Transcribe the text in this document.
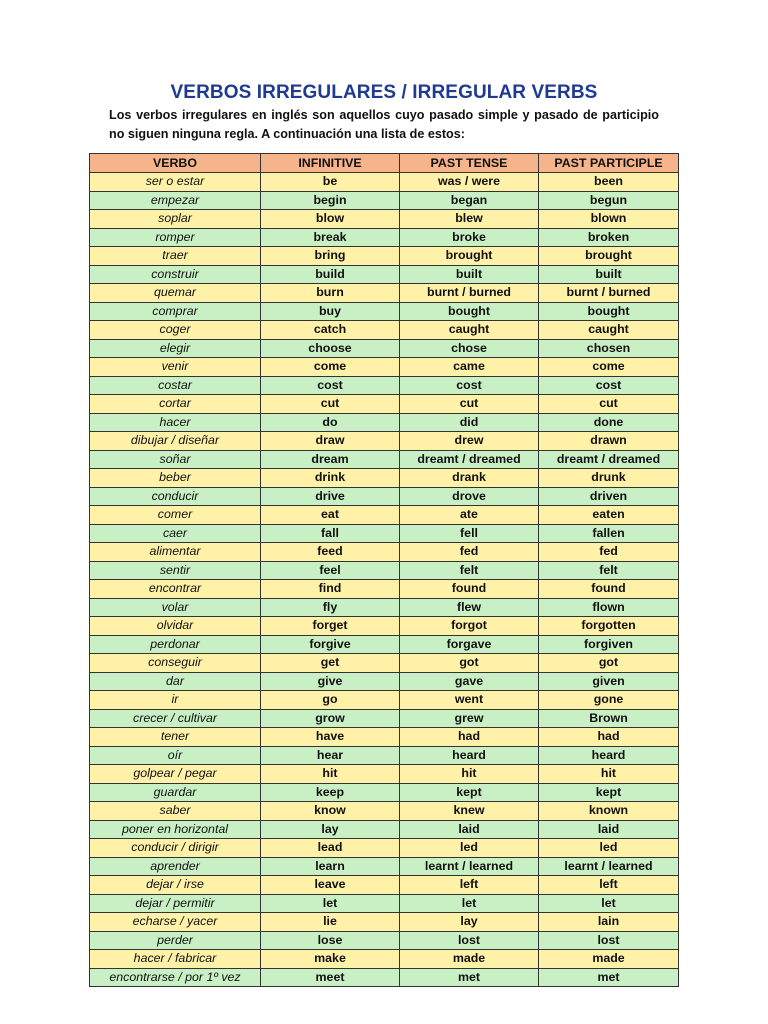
VERBOS IRREGULARES / IRREGULAR VERBS
Los verbos irregulares en inglés son aquellos cuyo pasado simple y pasado de participio no siguen ninguna regla. A continuación una lista de estos:
VERBO	INFINITIVE	PAST TENSE	PAST PARTICIPLE
ser o estar	be	was / were	been
empezar	begin	began	begun
soplar	blow	blew	blown
romper	break	broke	broken
traer	bring	brought	brought
construir	build	built	built
quemar	burn	burnt / burned	burnt / burned
comprar	buy	bought	bought
coger	catch	caught	caught
elegir	choose	chose	chosen
venir	come	came	come
costar	cost	cost	cost
cortar	cut	cut	cut
hacer	do	did	done
dibujar / diseñar	draw	drew	drawn
soñar	dream	dreamt / dreamed	dreamt / dreamed
beber	drink	drank	drunk
conducir	drive	drove	driven
comer	eat	ate	eaten
caer	fall	fell	fallen
alimentar	feed	fed	fed
sentir	feel	felt	felt
encontrar	find	found	found
volar	fly	flew	flown
olvidar	forget	forgot	forgotten
perdonar	forgive	forgave	forgiven
conseguir	get	got	got
dar	give	gave	given
ir	go	went	gone
crecer / cultivar	grow	grew	Brown
tener	have	had	had
oír	hear	heard	heard
golpear / pegar	hit	hit	hit
guardar	keep	kept	kept
saber	know	knew	known
poner en horizontal	lay	laid	laid
conducir / dirigir	lead	led	led
aprender	learn	learnt / learned	learnt / learned
dejar / irse	leave	left	left
dejar / permitir	let	let	let
echarse / yacer	lie	lay	lain
perder	lose	lost	lost
hacer / fabricar	make	made	made
encontrarse / por 1º vez	meet	met	met
